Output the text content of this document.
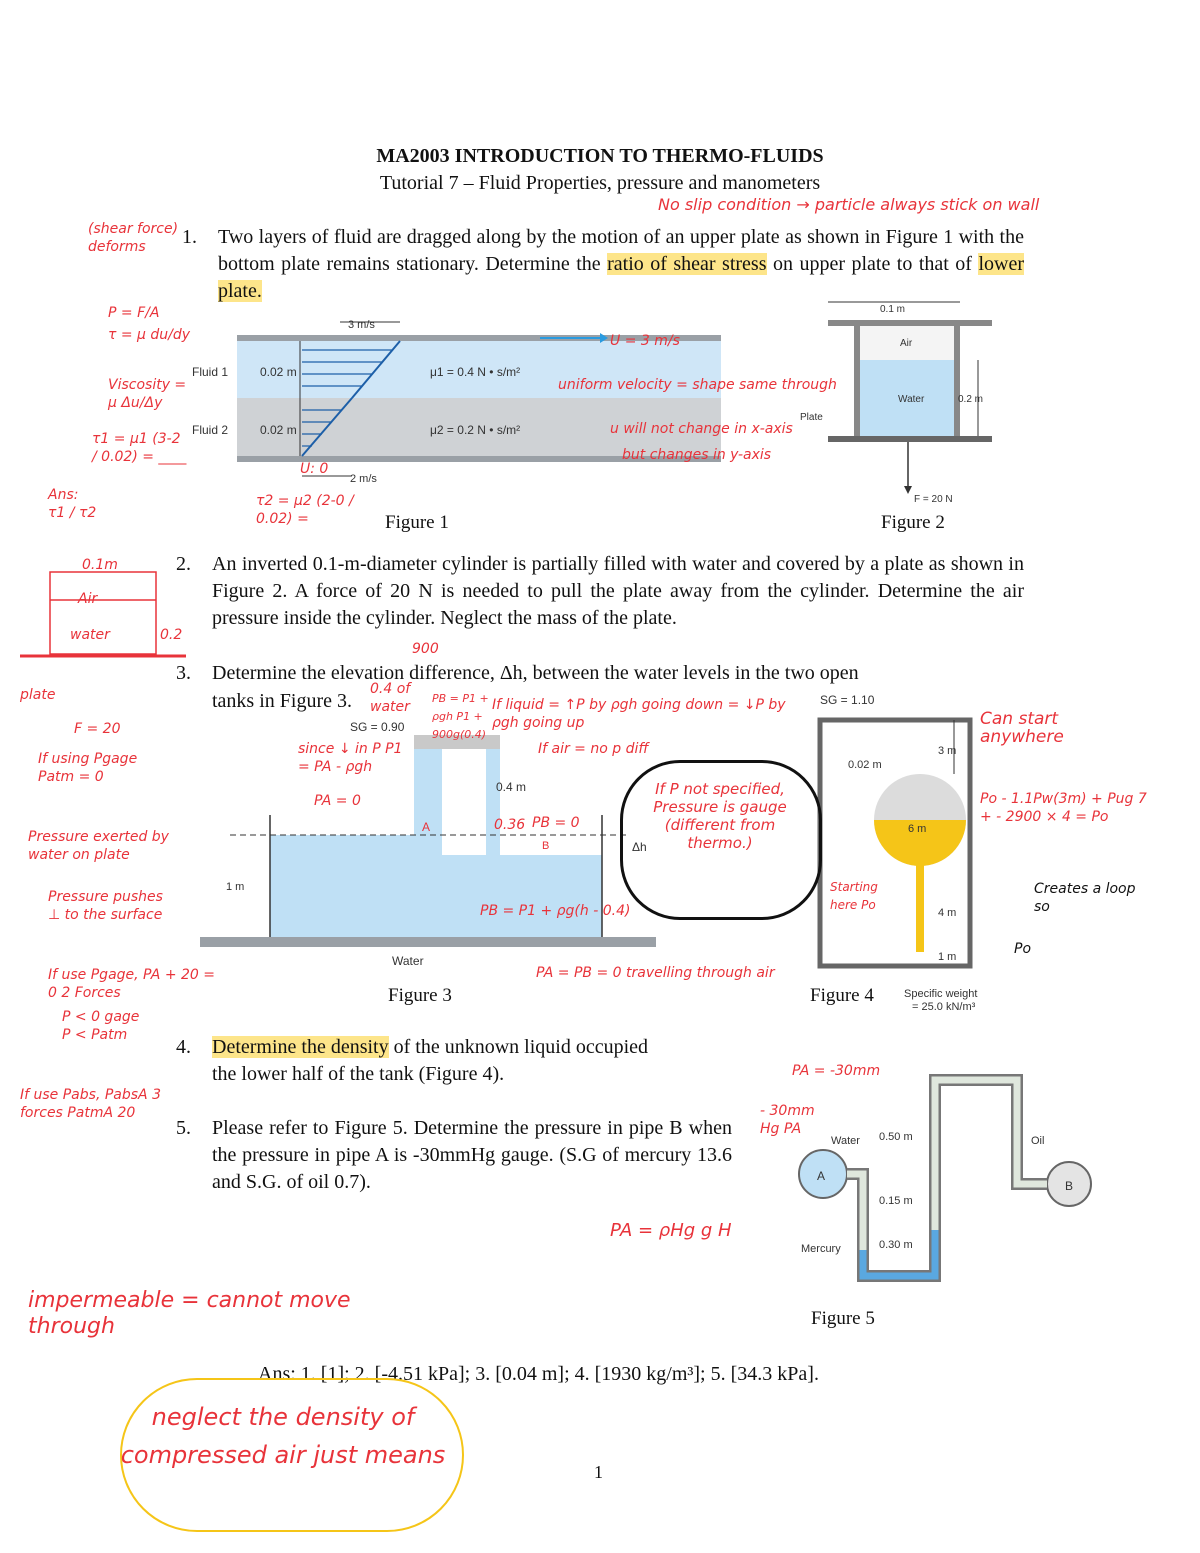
MA2003 INTRODUCTION TO THERMO-FLUIDS
Tutorial 7 – Fluid Properties, pressure and manometers
1. Two layers of fluid are dragged along by the motion of an upper plate as shown in Figure 1 with the bottom plate remains stationary. Determine the ratio of shear stress on upper plate to that of lower plate.
3 m/s
2 m/s
Fluid 1
Fluid 2
0.02 m
0.02 m
μ1 = 0.4 N • s/m²
μ2 = 0.2 N • s/m²
Figure 1
0.1 m
Air
Water	0.2 m
Plate
F = 20 N
Figure 2
2. An inverted 0.1-m-diameter cylinder is partially filled with water and covered by a plate as shown in Figure 2. A force of 20 N is needed to pull the plate away from the cylinder. Determine the air pressure inside the cylinder. Neglect the mass of the plate.
3. Determine the elevation difference, Δh, between the water levels in the two open
tanks in Figure 3.
SG = 0.90
0.4 m
1 m
Δh
Water
A
B
Figure 3
SG = 1.10
0.02 m
3 m
6 m
4 m
1 m
Specific weight
= 25.0 kN/m³
Figure 4
4. Determine the density of the unknown liquid occupied
the lower half of the tank (Figure 4).
5. Please refer to Figure 5. Determine the pressure in pipe B when the pressure in pipe A is -30mmHg gauge. (S.G of mercury 13.6 and S.G. of oil 0.7).	A
B
Water	Oil
Mercury
0.50 m
0.15 m
0.30 m
Figure 5
Ans: 1. [1]; 2. [-4.51 kPa]; 3. [0.04 m]; 4. [1930 kg/m³]; 5. [34.3 kPa].
1
No slip condition → particle always stick on wall
(shear force) deforms
P = F/A
τ = μ du/dy
Viscosity = μ Δu/Δy
τ1 = μ1 (3-2 / 0.02) = ____
Ans: τ1 / τ2
U = 3 m/s
uniform velocity = shape same through
u will not change in x-axis
but changes in y-axis
U: 0
τ2 = μ2 (2-0 / 0.02) =
0.1m
Air
water	0.2
plate
F = 20
If using Pgage Patm = 0
Pressure exerted by water on plate
Pressure pushes ⊥ to the surface
If use Pgage, PA + 20 = 0 2 Forces
P < 0 gage P < Patm
If use Pabs, PabsA 3 forces PatmA 20
If liquid = ↑P by ρgh going down = ↓P by ρgh going up
If air = no p diff
since ↓ in P P1 = PA - ρgh
PA = 0
900
0.4 of water
PB = P1 + ρgh P1 + 900g(0.4)
0.36 PB = 0
PB = P1 + ρg(h - 0.4)
PA = PB = 0 travelling through air
If P not specified, Pressure is gauge (different from thermo.)
Can start anywhere
Po - 1.1Pw(3m) + Pug 7 + - 2900 × 4 = Po
Creates a loop so
Po
Starting here Po
PA = -30mm
- 30mm Hg PA
PA = ρHg g H
impermeable = cannot move through
neglect the density of compressed air just means
